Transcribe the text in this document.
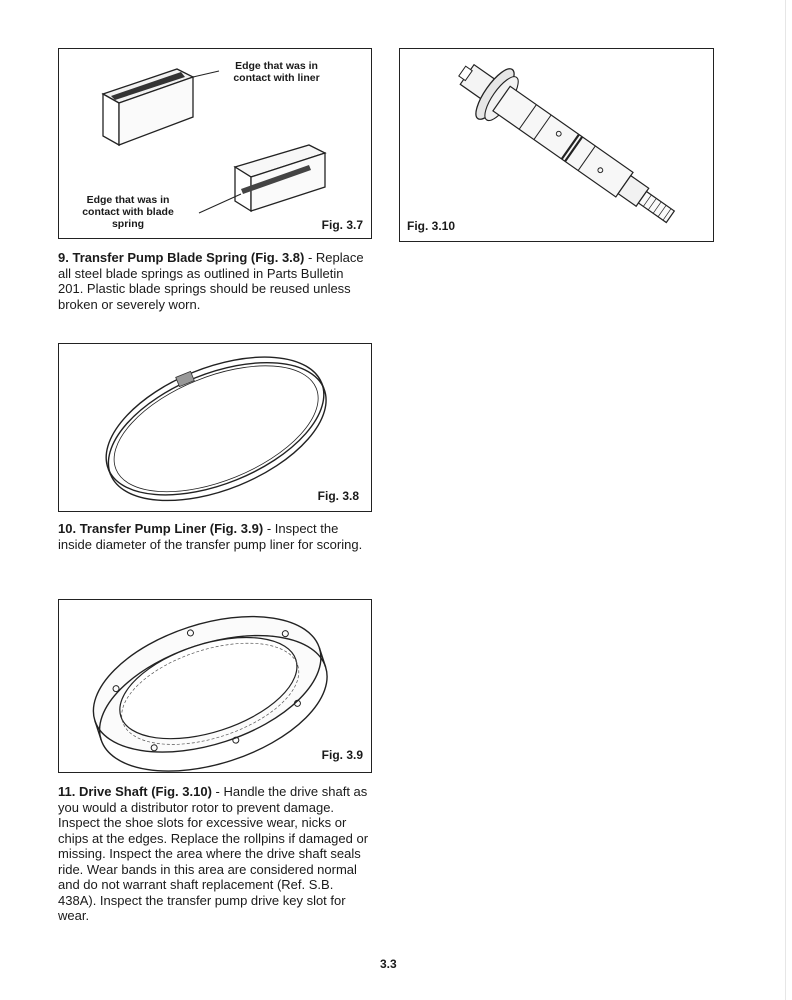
Edge that was in contact with liner
Edge that was in contact with blade spring	Fig. 3.7	Fig. 3.10

9. Transfer Pump Blade Spring (Fig. 3.8) - Replace all steel blade springs as outlined in Parts Bulletin 201. Plastic blade springs should be reused unless broken or severely worn.

Fig. 3.8

10. Transfer Pump Liner (Fig. 3.9) - Inspect the inside diameter of the transfer pump liner for scoring.

Fig. 3.9

11. Drive Shaft (Fig. 3.10) - Handle the drive shaft as you would a distributor rotor to prevent damage. Inspect the shoe slots for excessive wear, nicks or chips at the edges. Replace the rollpins if damaged or missing. Inspect the area where the drive shaft seals ride. Wear bands in this area are considered normal and do not warrant shaft replacement (Ref. S.B. 438A). Inspect the transfer pump drive key slot for wear.

3.3
